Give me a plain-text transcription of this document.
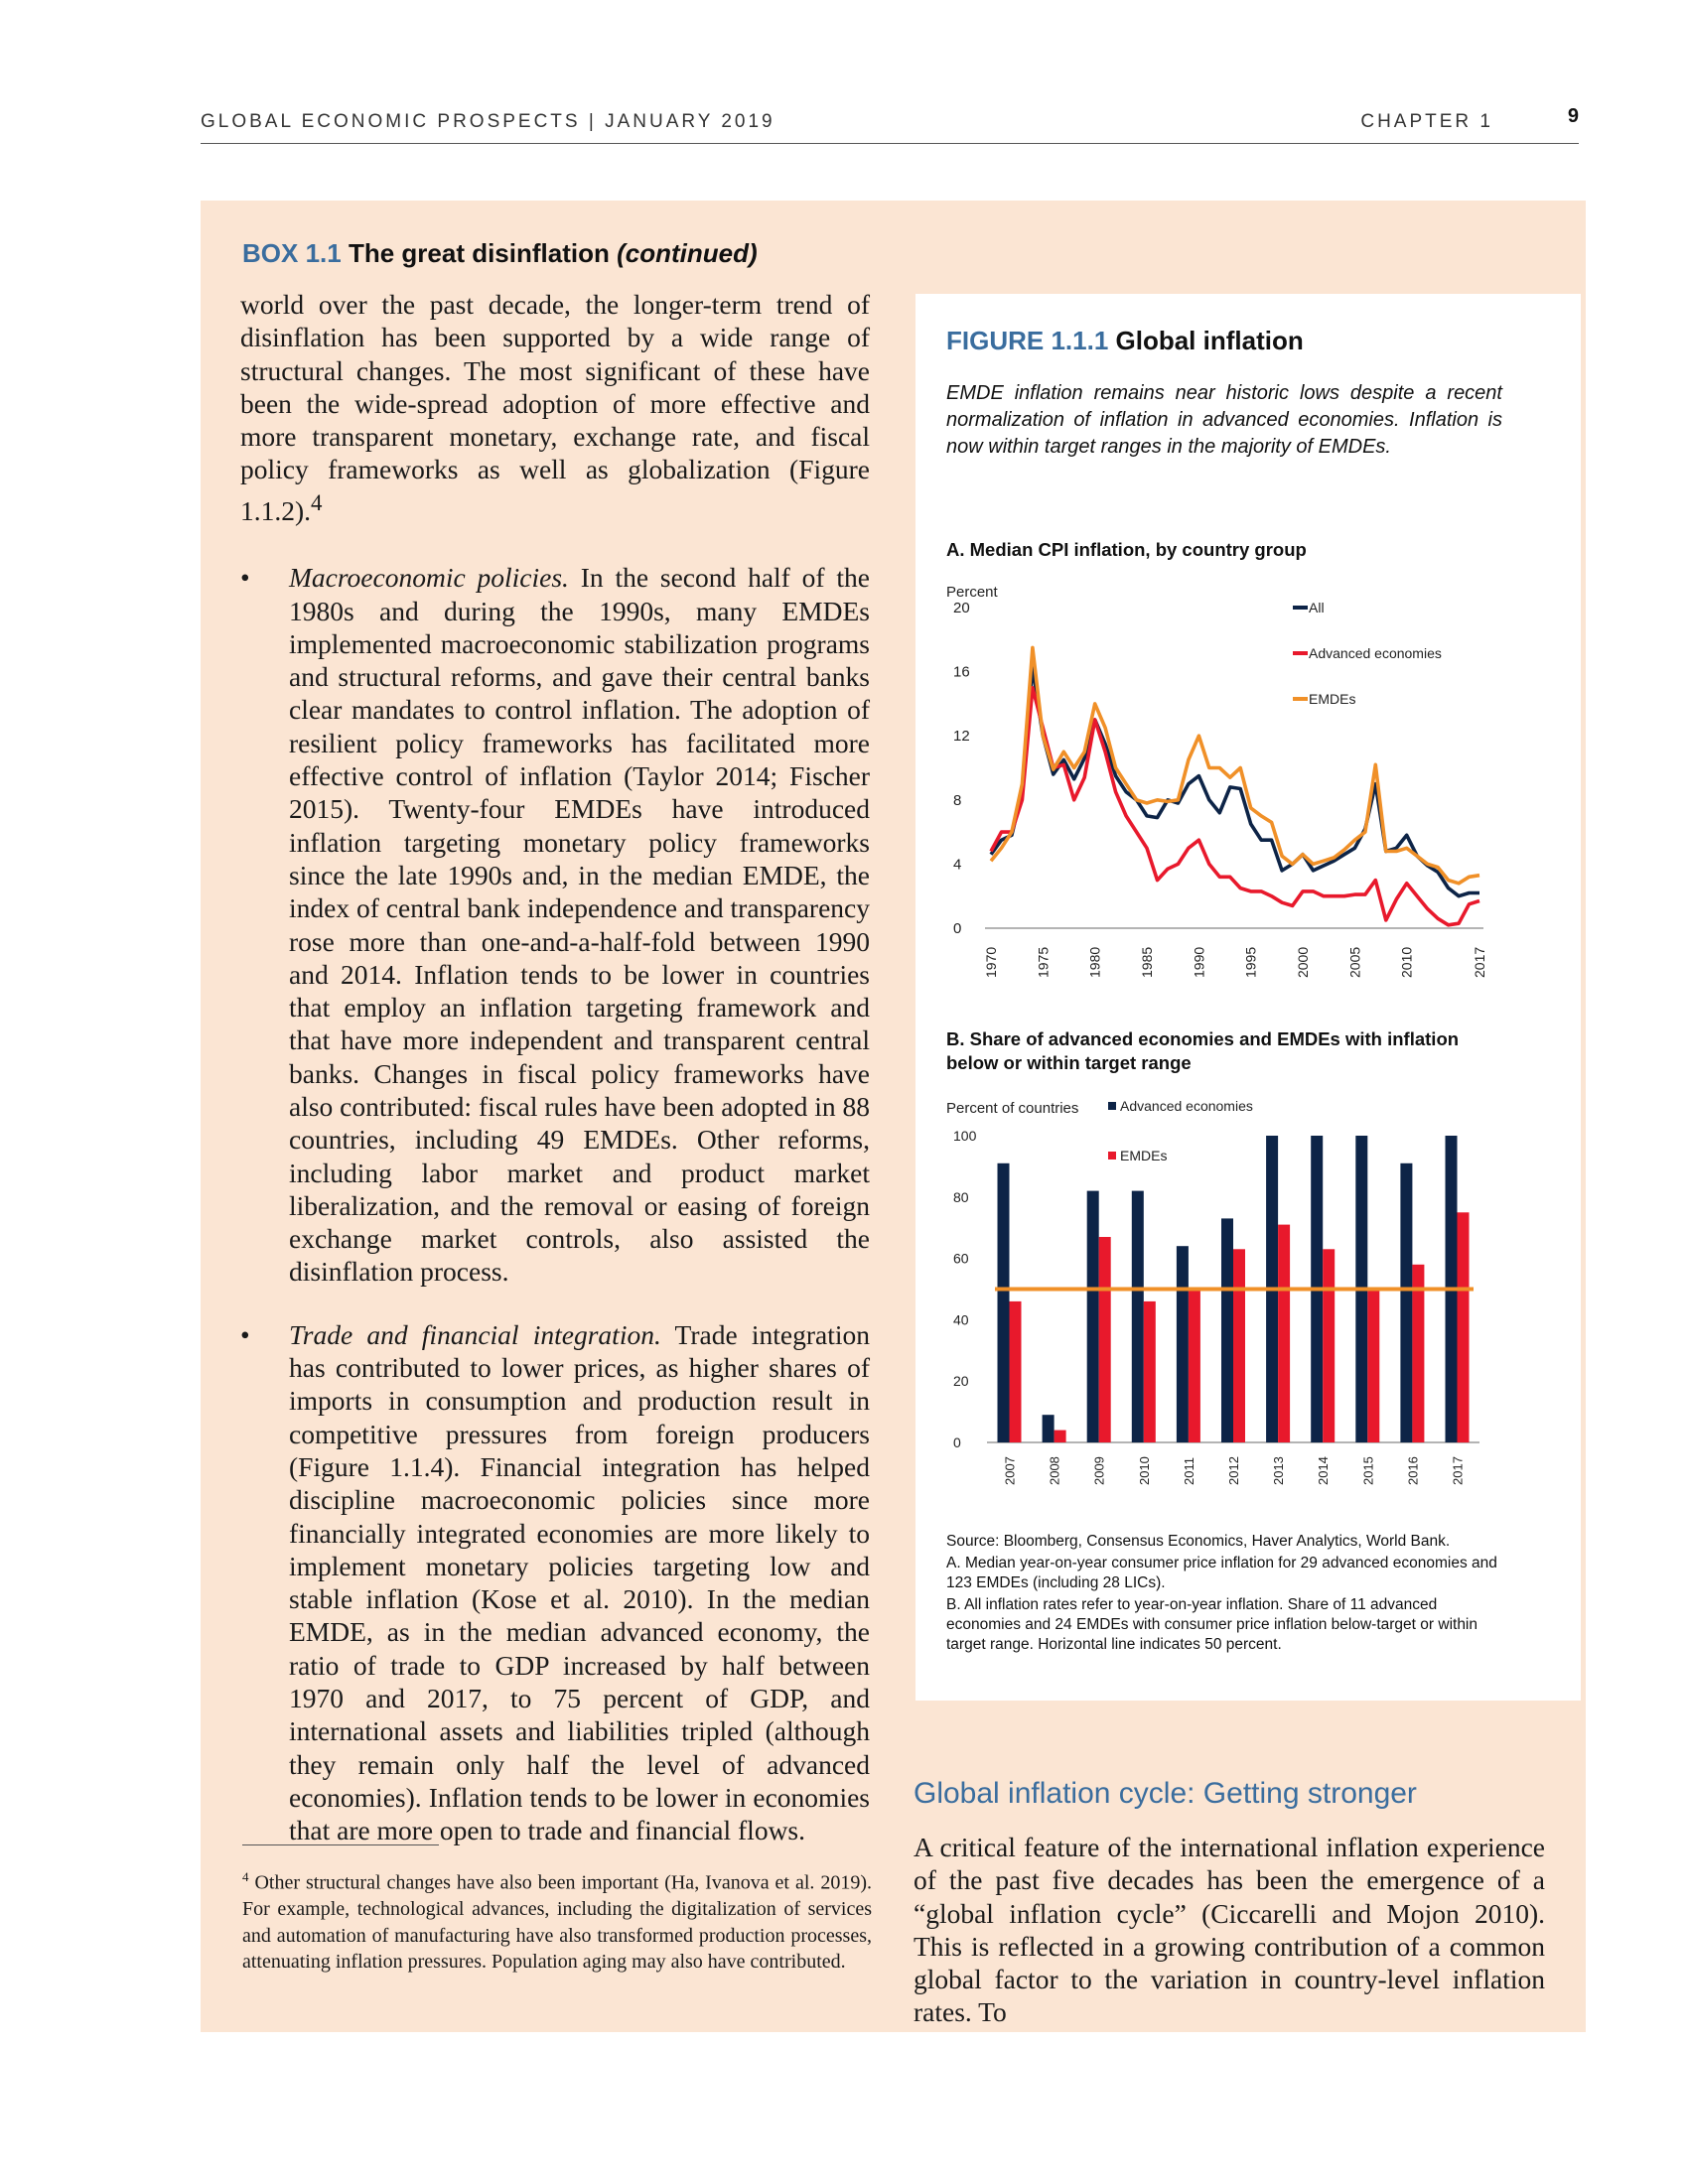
GLOBAL ECONOMIC PROSPECTS | JANUARY 2019	CHAPTER 1	9
BOX 1.1 The great disinflation (continued)

world over the past decade, the longer-term trend of disinflation has been supported by a wide range of structural changes. The most significant of these have been the wide-spread adoption of more effective and more transparent monetary, exchange rate, and fiscal policy frameworks as well as globalization (Figure 1.1.2).$^4$

• Macroeconomic policies. In the second half of the 1980s and during the 1990s, many EMDEs implemented macroeconomic stabilization programs and structural reforms, and gave their central banks clear mandates to control inflation. The adoption of resilient policy frameworks has facilitated more effective control of inflation (Taylor 2014; Fischer 2015). Twenty-four EMDEs have introduced inflation targeting monetary policy frameworks since the late 1990s and, in the median EMDE, the index of central bank independence and transparency rose more than one-and-a-half-fold between 1990 and 2014. Inflation tends to be lower in countries that employ an inflation targeting framework and that have more independent and transparent central banks. Changes in fiscal policy frameworks have also contributed: fiscal rules have been adopted in 88 countries, including 49 EMDEs. Other reforms, including labor market and product market liberalization, and the removal or easing of foreign exchange market controls, also assisted the disinflation process.
• Trade and financial integration. Trade integration has contributed to lower prices, as higher shares of imports in consumption and production result in competitive pressures from foreign producers (Figure 1.1.4). Financial integration has helped discipline macroeconomic policies since more financially integrated economies are more likely to implement monetary policies targeting low and stable inflation (Kose et al. 2010). In the median EMDE, as in the median advanced economy, the ratio of trade to GDP increased by half between 1970 and 2017, to 75 percent of GDP, and international assets and liabilities tripled (although they remain only half the level of advanced economies). Inflation tends to be lower in economies that are more open to trade and financial flows.
$^4$ Other structural changes have also been important (Ha, Ivanova et al. 2019). For example, technological advances, including the digitalization of services and automation of manufacturing have also transformed production processes, attenuating inflation pressures. Population aging may also have contributed.
FIGURE 1.1.1 Global inflation
EMDE inflation remains near historic lows despite a recent normalization of inflation in advanced economies. Inflation is now within target ranges in the majority of EMDEs.
A. Median CPI inflation, by country group
Percent
0
4
8
12
16
20
1970	1975	1980	1985	1990	1995	2000	2005	2010	2017
All
Advanced economies
EMDEs
B. Share of advanced economies and EMDEs with inflation below or within target range
Percent of countries
0
20
40
60
80
100
2007 2008 2009 2010 2011 2012 2013 2014 2015 2016 2017
Advanced economies
EMDEs
Source: Bloomberg, Consensus Economics, Haver Analytics, World Bank.
A. Median year-on-year consumer price inflation for 29 advanced economies and 123 EMDEs (including 28 LICs).
B. All inflation rates refer to year-on-year inflation. Share of 11 advanced economies and 24 EMDEs with consumer price inflation below-target or within target range. Horizontal line indicates 50 percent.
Global inflation cycle: Getting stronger

A critical feature of the international inflation experience of the past five decades has been the emergence of a “global inflation cycle” (Ciccarelli and Mojon 2010). This is reflected in a growing contribution of a common global factor to the variation in country-level inflation rates. To
